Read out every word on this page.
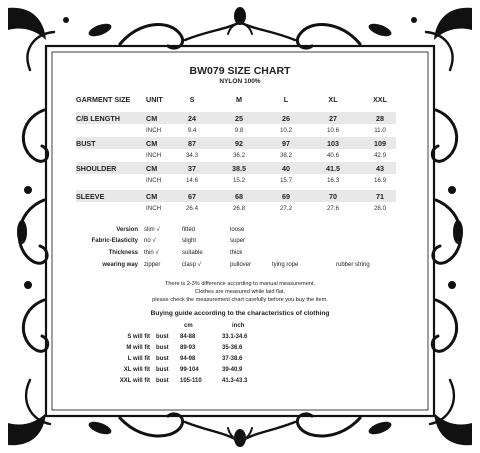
BW079 SIZE CHART
NYLON 100%
GARMENT SIZE UNIT	S	M	L	XL	XXL
C/B LENGTH	CM	24	25	26	27	28
INCH	9.4	9.8	10.2	10.6	11.0
BUST	CM	87	92	97	103	109
INCH	34.3	36.2	38.2	40.6	42.9
SHOULDER	CM	37	38.5	40	41.5	43
INCH	14.6	15.2	15.7	16.3	16.9
SLEEVE	CM	67	68	69	70	71
INCH	26.4	26.8	27.2	27.6	28.0
Version slim √	fitted	loose
Fabric-Elasticity no √	slight	super
Thickness thin √	suitable	thick
wearing way zipper	clasp √	pullover	tying rope	rubber string
There is 2-3% difference according to manual measurement.
Clothes are measured while laid flat.
please check the measurement chart carefully before you buy the item.
Buying guide according to the characteristics of clothing
cm	inch
S will fit bust 84-88	33.1-34.6
M will fit bust 89-93	35-36.6
L will fit bust 94-98	37-38.6
XL will fit bust 99-104	39-40.9
XXL will fit bust 105-110	41.3-43.3
